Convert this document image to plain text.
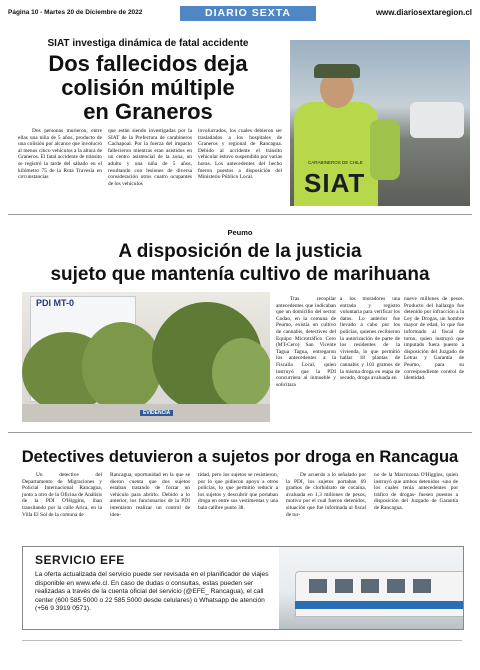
Página 10 - Martes 20 de Diciembre de 2022	DIARIO SEXTA REGIÓN
www.diariosextaregion.cl
SIAT investiga dinámica de fatal accidente
Dos fallecidos deja
colisión múltiple
en Graneros

Dos personas murieron, entre ellas una niña de 5 años, producto de una colisión por alcance que involucró al menos cinco vehículos a la altura de Graneros. El fatal accidente de tránsito se registró la tarde del sábado en el kilómetro 75 de la Ruta Travesía en circunstancias

que están siendo investigadas por la SIAT de la Prefectura de carabineros Cachapoal. Por la fuerza del impacto fallecieron mientras eran asistidos en un centro asistencial de la zona, un adulto y una niña de 5 años, resultando con lesiones de diversa consideración otros cuatro ocupantes de los vehículos

involucrados, los cuales debieron ser trasladados a los hospitales de Graneros y regional de Rancagua. Debido al accidente el tránsito vehicular estuvo suspendido por varias horas. Los antecedentes del hecho fueron puestos a disposición del Ministerio Público Local.

CARABINEROS DE CHILE
SIAT
Peumo
A disposición de la justicia
sujeto que mantenía cultivo de marihuana
PDI MT-0
EVIDENCIA

Tras recopilar antecedentes que indicaban que un domicilio del sector Codao, en la comuna de Peumo, existía un cultivo de cannabis, detectives del Equipo Microtráfico Cero (MT-Cero) San Vicente Tagua Tagua, entregaron los antecedentes a la Fiscalía Local, quien instruyó que la PDI concurriera al inmueble y solicitara

a los moradores una entrada y registro voluntaria para verificar los datos. Lo anterior fue llevado a cabo por los policías, quienes recibieron la autorización de parte de los residentes de la vivienda, lo que permitió hallar 18 plantas de cannabis y 103 gramos de la misma droga en etapa de secado, droga avaluada en

nueve millones de pesos. Producto del hallazgo fue detenido por infracción a la Ley de Drogas, un hombre mayor de edad, lo que fue informado al fiscal de turno, quien instruyó que imputado fuera puesto a disposición del Juzgado de Letras y Garantía de Peumo, para su correspondiente control de identidad.

Detectives detuvieron a sujetos por droga en Rancagua

Un detective del Departamento de Migraciones y Policial Internacional Rancagua, junto a otro de la Oficina de Análisis de la PDI O'Higgins, iban transitando por la calle Arica, en la Villa El Sol de la comuna de

Rancagua, oportunidad en la que se dieron cuenta que dos sujetos estaban tratando de forzar un vehículo para abrirlo. Debido a lo anterior, los funcionarios de la PDI intentaron realizar un control de iden-

tidad, pero los sujetos se resistieron, por lo que pidieron apoyo a otros policías, lo que permitió reducir a los sujetos y descubrir que portaban droga en entre sus vestimentas y una bala calibre punto 38.

De acuerdo a lo señalado por la PDI, los sujetos portaban 69 gramos de clorhidrato de cocaína, avaluada en 1,3 millones de pesos, motivo por el cual fueron detenidos, situación que fue informada al fiscal de tur-

no de la Macrozona O'Higgins, quien instruyó que ambos detenidos -uno de los cuales tenía antecedentes por tráfico de drogas- fuesen puestos a disposición del Juzgado de Garantía de Rancagua.

SERVICIO EFE
La oferta actualizada del servicio puede ser revisada en el planificador de viajes disponible en www.efe.cl. En caso de dudas o consultas, estas pueden ser realizadas a través de la cuenta oficial del servicio (@EFE_ Rancagua), el call center (600 585 5000 o 22 585 5000 desde celulares) o Whatsapp de atención (+56 9 3919 0571).
